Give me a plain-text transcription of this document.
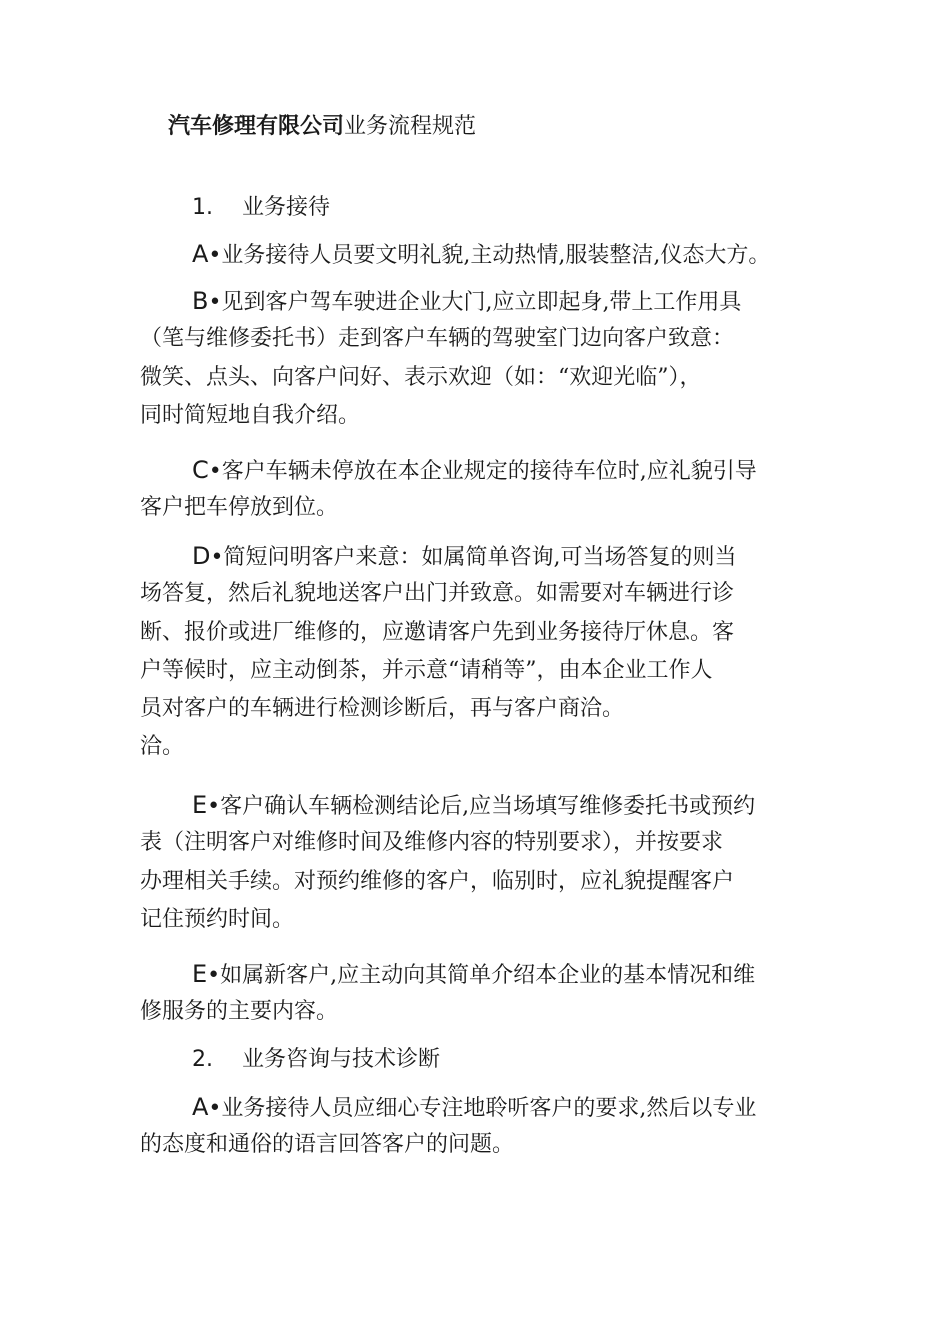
汽车修理有限公司业务流程规范
1. 业务接待
A•业务接待人员要文明礼貌,主动热情,服装整洁,仪态大方。
B•见到客户驾车驶进企业大门,应立即起身,带上工作用具
（笔与维修委托书）走到客户车辆的驾驶室门边向客户致意：
微笑、点头、向客户问好、表示欢迎（如：“欢迎光临”），
同时简短地自我介绍。
C•客户车辆未停放在本企业规定的接待车位时,应礼貌引导
客户把车停放到位。
D•简短问明客户来意：如属简单咨询,可当场答复的则当
场答复，然后礼貌地送客户出门并致意。如需要对车辆进行诊
断、报价或进厂维修的，应邀请客户先到业务接待厅休息。客
户等候时，应主动倒茶，并示意“请稍等”，由本企业工作人
员对客户的车辆进行检测诊断后，再与客户商洽。
洽。
E•客户确认车辆检测结论后,应当场填写维修委托书或预约
表（注明客户对维修时间及维修内容的特别要求），并按要求
办理相关手续。对预约维修的客户，临别时，应礼貌提醒客户
记住预约时间。
E•如属新客户,应主动向其简单介绍本企业的基本情况和维
修服务的主要内容。
2. 业务咨询与技术诊断
A•业务接待人员应细心专注地聆听客户的要求,然后以专业
的态度和通俗的语言回答客户的问题。
